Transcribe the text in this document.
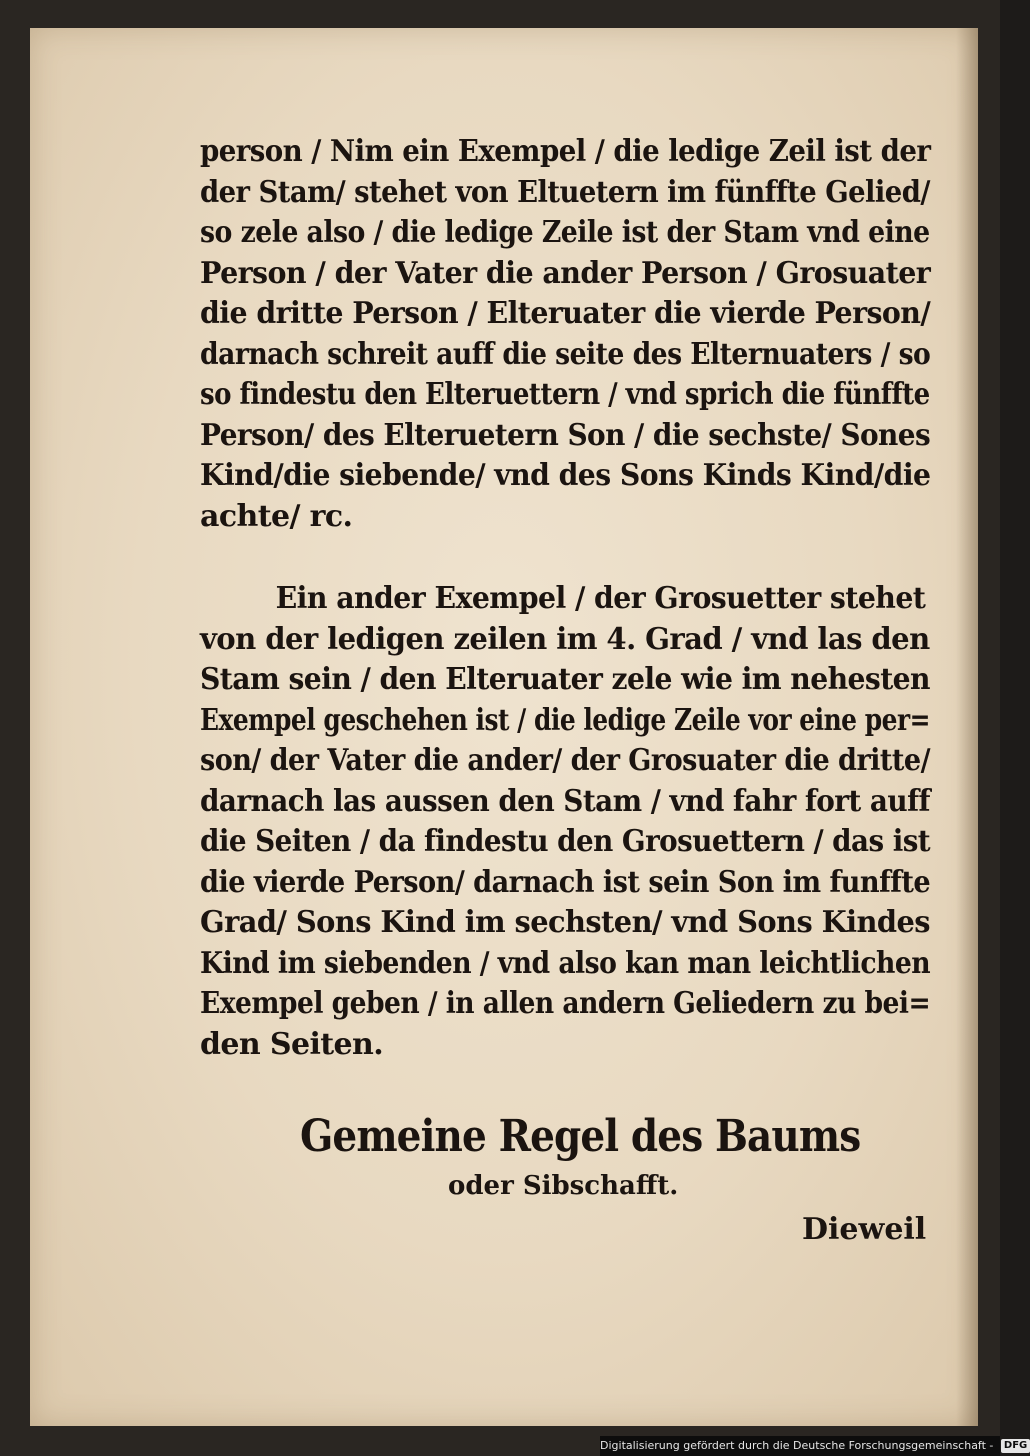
person / Nim ein Exempel / die ledige Zeil ist der
der Stam/ stehet von Eltuetern im fünffte Gelied/
so zele also / die ledige Zeile ist der Stam vnd eine
Person / der Vater die ander Person / Grosuater
die dritte Person / Elteruater die vierde Person/
darnach schreit auff die seite des Elternuaters / so
so findestu den Elteruettern / vnd sprich die fünffte
Person/ des Elteruetern Son / die sechste/ Sones
Kind/die siebende/ vnd des Sons Kinds Kind/die
achte/ rc.
Ein ander Exempel / der Grosuetter stehet
von der ledigen zeilen im 4. Grad / vnd las den
Stam sein / den Elteruater zele wie im nehesten
Exempel geschehen ist / die ledige Zeile vor eine per=
son/ der Vater die ander/ der Grosuater die dritte/
darnach las aussen den Stam / vnd fahr fort auff
die Seiten / da findestu den Grosuettern / das ist
die vierde Person/ darnach ist sein Son im funffte
Grad/ Sons Kind im sechsten/ vnd Sons Kindes
Kind im siebenden / vnd also kan man leichtlichen
Exempel geben / in allen andern Geliedern zu bei=
den Seiten.
Gemeine Regel des Baums
oder Sibschafft.
Dieweil
Digitalisierung gefördert durch die Deutsche Forschungsgemeinschaft - DFG
